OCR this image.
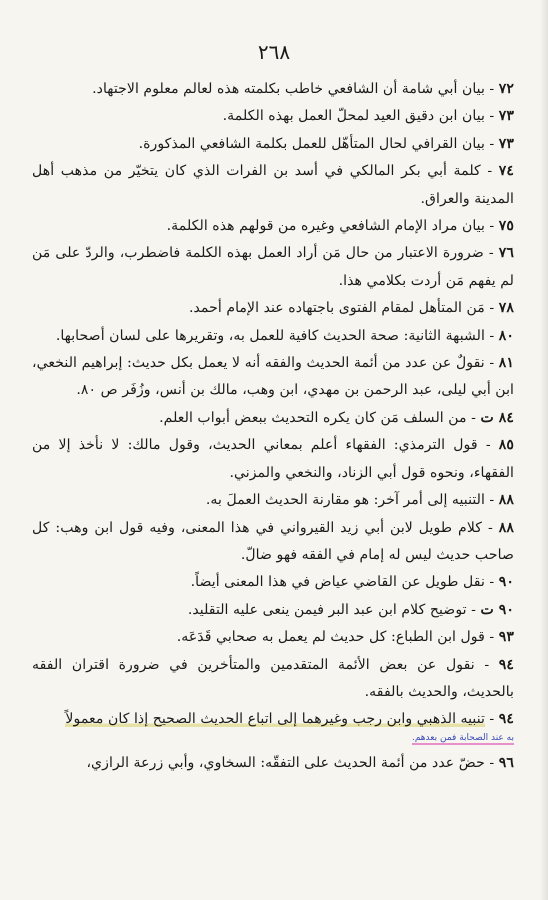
٢٦٨

٧٢ - بيان أبي شامة أن الشافعي خاطب بكلمته هذه لعالم معلوم الاجتهاد.

٧٣ - بيان ابن دقيق العيد لمحلّ العمل بهذه الكلمة.

٧٣ - بيان القرافي لحال المتأهّل للعمل بكلمة الشافعي المذكورة.

٧٤ - كلمة أبي بكر المالكي في أسد بن الفرات الذي كان يتخيّر من مذهب أهل المدينة والعراق.

٧٥ - بيان مراد الإمام الشافعي وغيره من قولهم هذه الكلمة.

٧٦ - ضرورة الاعتبار من حال مَن أراد العمل بهذه الكلمة فاضطرب، والردّ على مَن لم يفهم مَن أردت بكلامي هذا.

٧٨ - مَن المتأهل لمقام الفتوى باجتهاده عند الإمام أحمد.

٨٠ - الشبهة الثانية: صحة الحديث كافية للعمل به، وتقريرها على لسان أصحابها.

٨١ - نقولٌ عن عدد من أئمة الحديث والفقه أنه لا يعمل بكل حديث: إبراهيم النخعي، ابن أبي ليلى، عبد الرحمن بن مهدي، ابن وهب، مالك بن أنس، وزُفَر ص ٨٠.

٨٤ ت - من السلف مَن كان يكره التحديث ببعض أبواب العلم.

٨٥ - قول الترمذي: الفقهاء أعلم بمعاني الحديث، وقول مالك: لا نأخذ إلا من الفقهاء، ونحوه قول أبي الزناد، والنخعي والمزني.

٨٨ - التنبيه إلى أمر آخر: هو مقارنة الحديث العملَ به.

٨٨ - كلام طويل لابن أبي زيد القيرواني في هذا المعنى، وفيه قول ابن وهب: كل صاحب حديث ليس له إمام في الفقه فهو ضالّ.

٩٠ - نقل طويل عن القاضي عياض في هذا المعنى أيضاً.

٩٠ ت - توضيح كلام ابن عبد البر فيمن ينعى عليه التقليد.

٩٣ - قول ابن الطباع: كل حديث لم يعمل به صحابي قَدَعَه.

٩٤ - نقول عن بعض الأئمة المتقدمين والمتأخرين في ضرورة اقتران الفقه بالحديث، والحديث بالفقه.

٩٤ - تنبيه الذهبي وابن رجب وغيرهما إلى اتباع الحديث الصحيح إذا كان معمولاً

به عند الصحابة فمن بعدهم.

٩٦ - حضّ عدد من أئمة الحديث على التفقّه: السخاوي، وأبي زرعة الرازي،
